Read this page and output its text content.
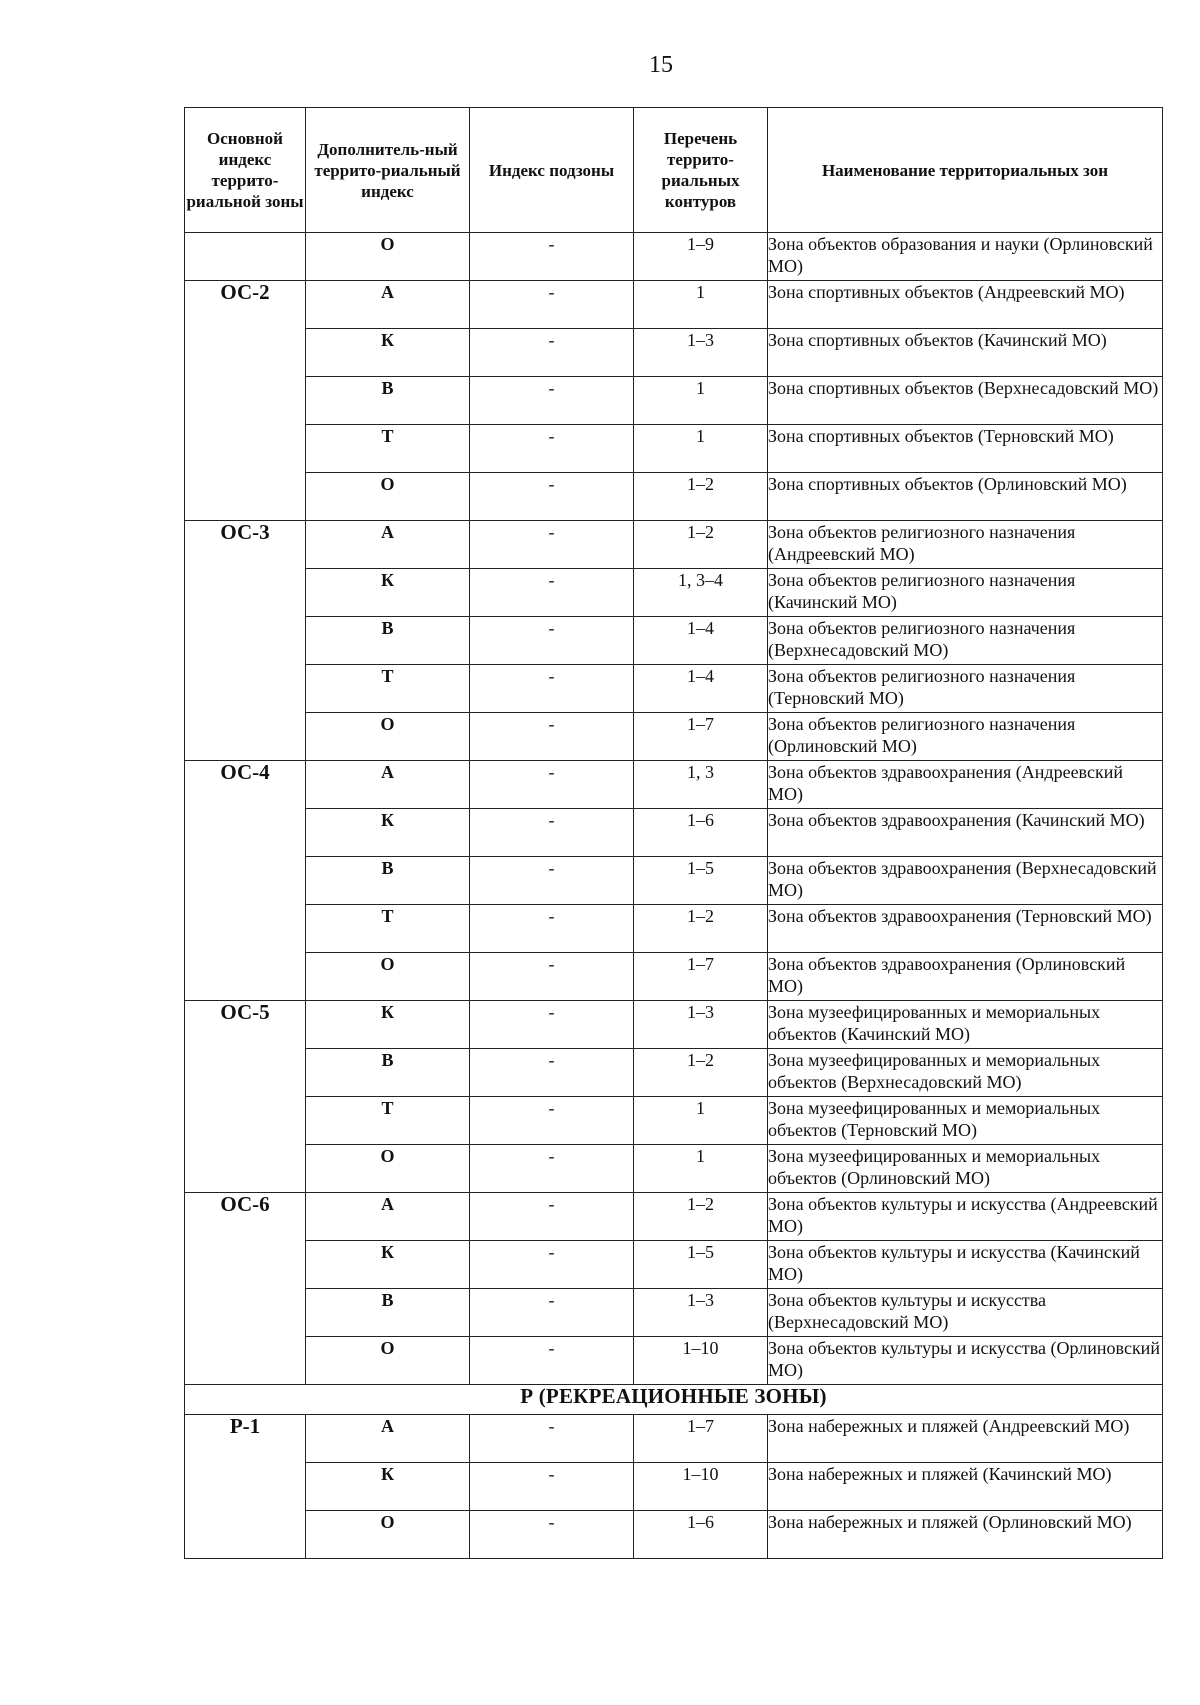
15
Основной индекс террито-риальной зоны	Дополнитель-ный террито-риальный индекс	Индекс подзоны	Перечень террито-риальных контуров	Наименование территориальных зон
	О	-	1–9	Зона объектов образования и науки (Орлиновский МО)
ОС-2	А	-	1	Зона спортивных объектов (Андреевский МО)
	К	-	1–3	Зона спортивных объектов (Качинский МО)
	В	-	1	Зона спортивных объектов (Верхнесадовский МО)
	Т	-	1	Зона спортивных объектов (Терновский МО)
	О	-	1–2	Зона спортивных объектов (Орлиновский МО)
ОС-3	А	-	1–2	Зона объектов религиозного назначения (Андреевский МО)
	К	-	1, 3–4	Зона объектов религиозного назначения (Качинский МО)
	В	-	1–4	Зона объектов религиозного назначения (Верхнесадовский МО)
	Т	-	1–4	Зона объектов религиозного назначения (Терновский МО)
	О	-	1–7	Зона объектов религиозного назначения (Орлиновский МО)
ОС-4	А	-	1, 3	Зона объектов здравоохранения (Андреевский МО)
	К	-	1–6	Зона объектов здравоохранения (Качинский МО)
	В	-	1–5	Зона объектов здравоохранения (Верхнесадовский МО)
	Т	-	1–2	Зона объектов здравоохранения (Терновский МО)
	О	-	1–7	Зона объектов здравоохранения (Орлиновский МО)
ОС-5	К	-	1–3	Зона музеефицированных и мемориальных объектов (Качинский МО)
	В	-	1–2	Зона музеефицированных и мемориальных объектов (Верхнесадовский МО)
	Т	-	1	Зона музеефицированных и мемориальных объектов (Терновский МО)
	О	-	1	Зона музеефицированных и мемориальных объектов (Орлиновский МО)
ОС-6	А	-	1–2	Зона объектов культуры и искусства (Андреевский МО)
	К	-	1–5	Зона объектов культуры и искусства (Качинский МО)
	В	-	1–3	Зона объектов культуры и искусства (Верхнесадовский МО)
	О	-	1–10	Зона объектов культуры и искусства (Орлиновский МО)
Р (РЕКРЕАЦИОННЫЕ ЗОНЫ)				
Р-1	А	-	1–7	Зона набережных и пляжей (Андреевский МО)
	К	-	1–10	Зона набережных и пляжей (Качинский МО)
	О	-	1–6	Зона набережных и пляжей (Орлиновский МО)
